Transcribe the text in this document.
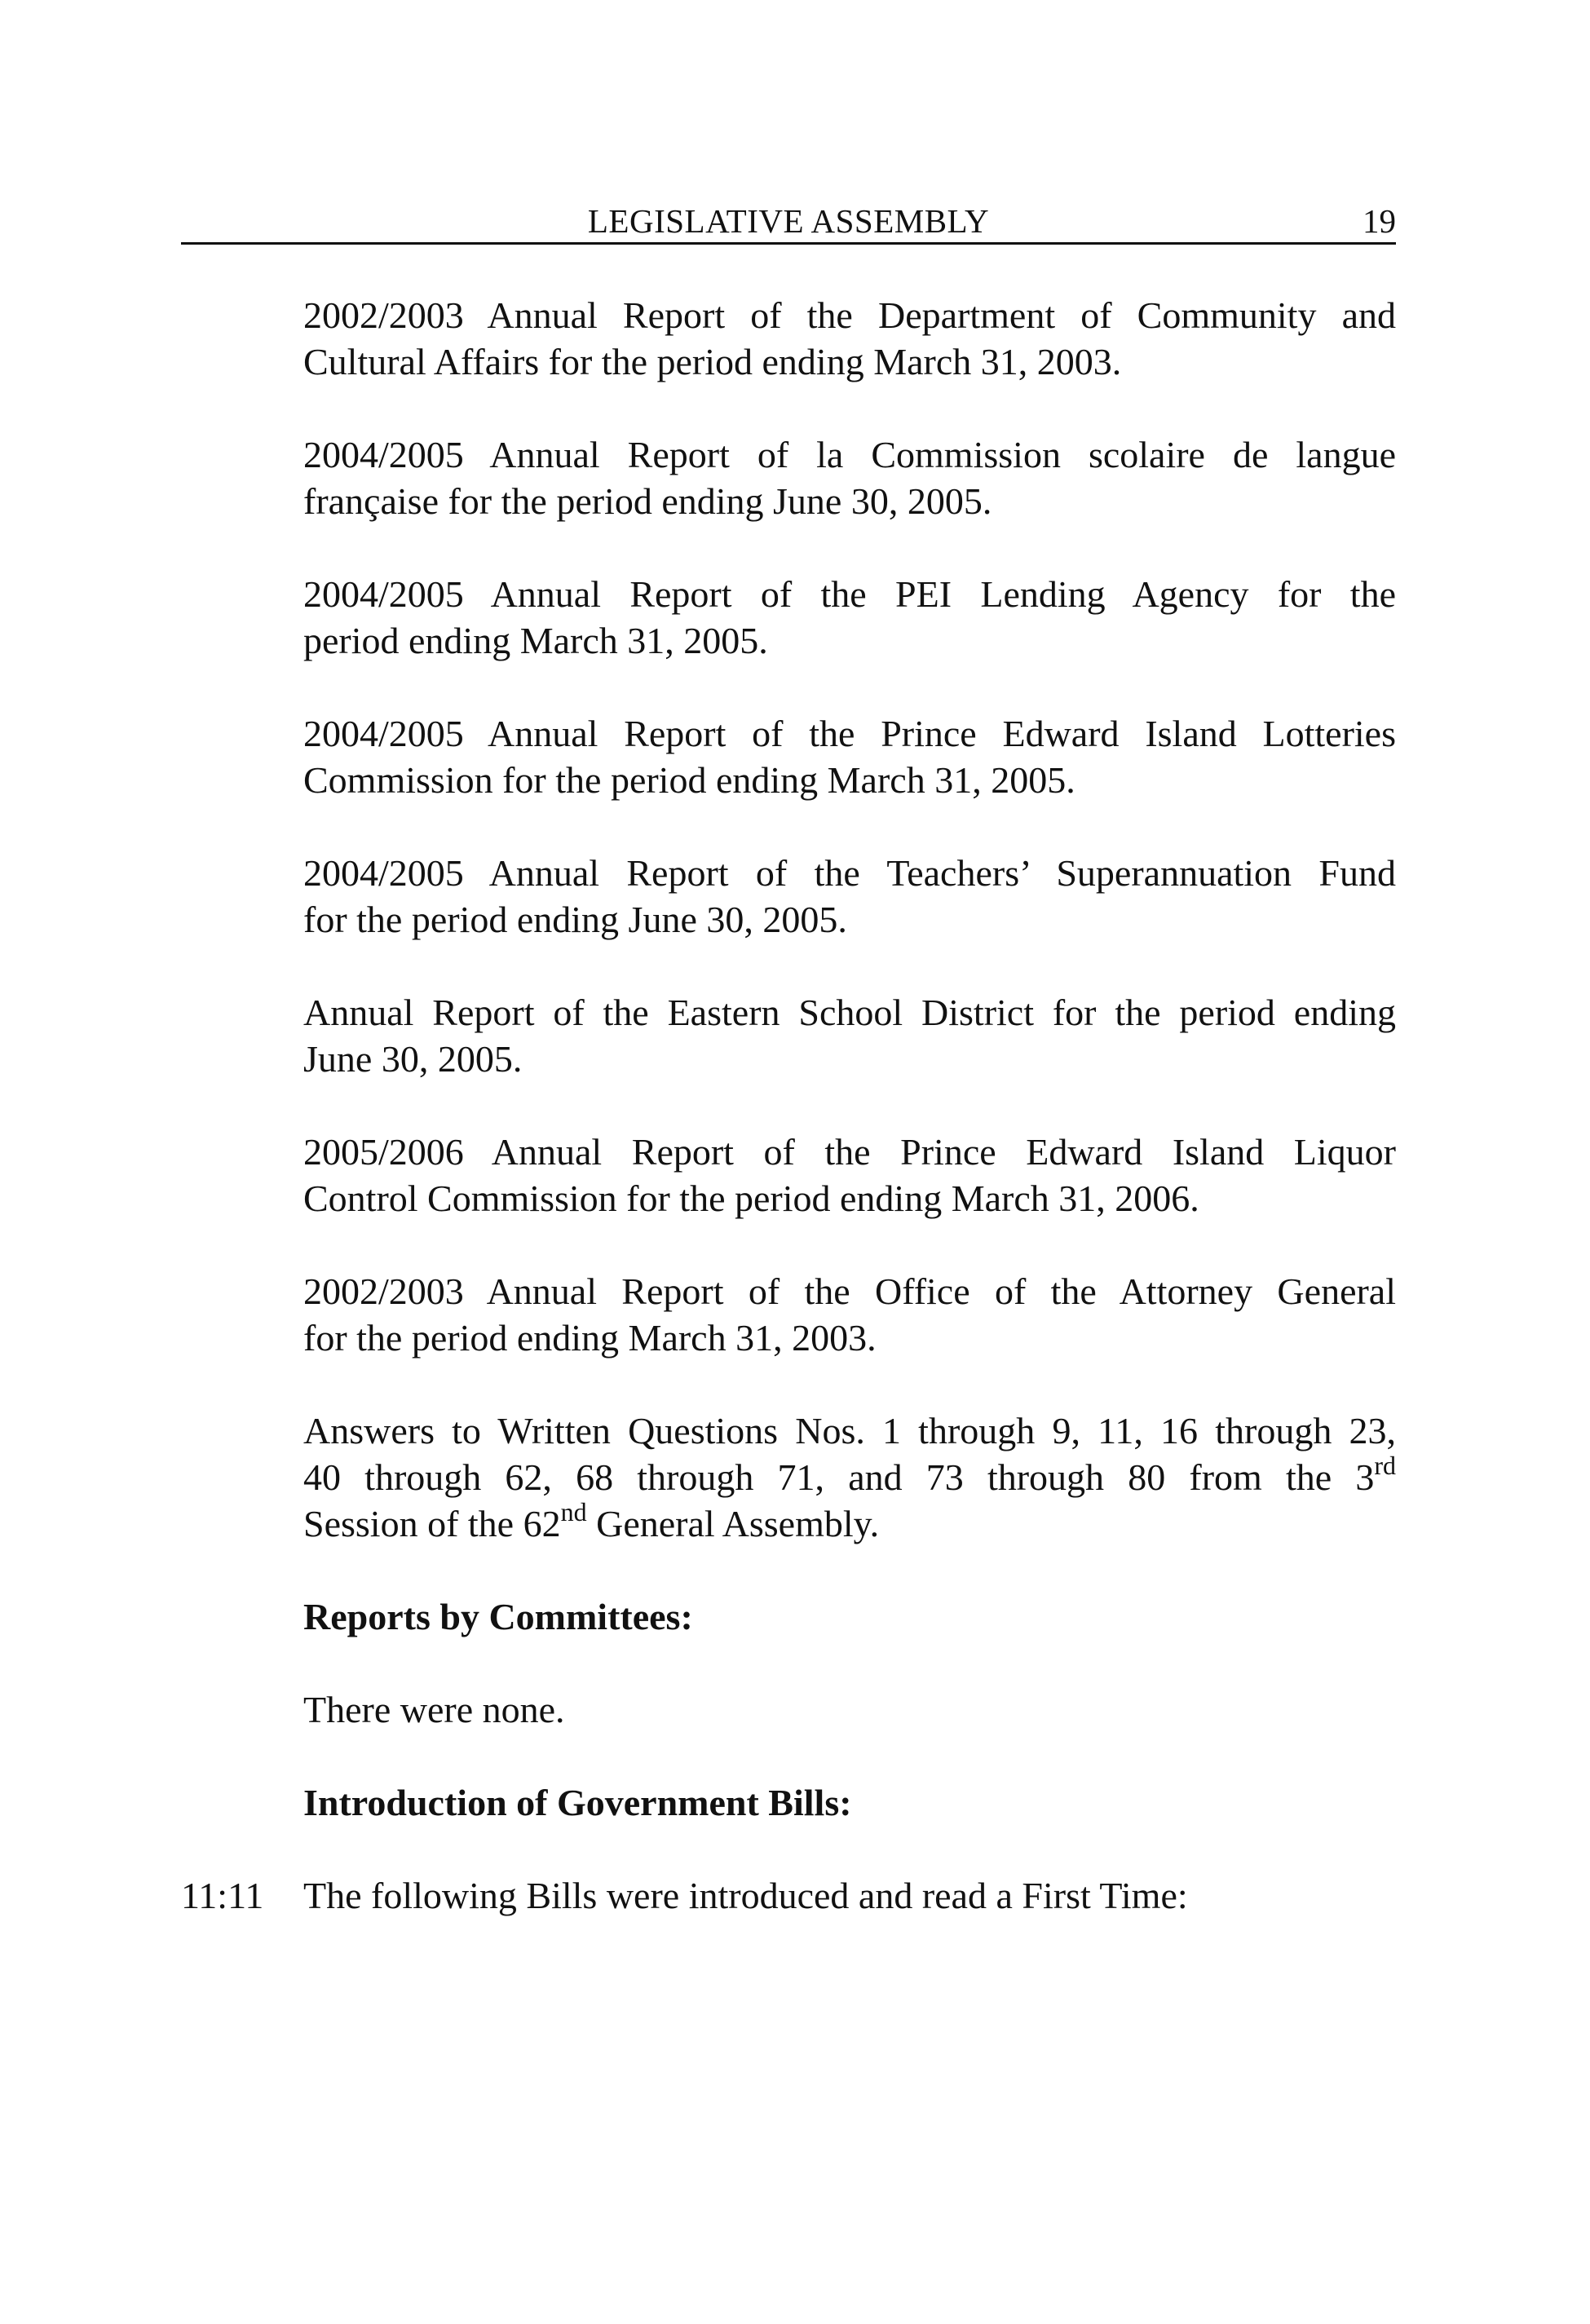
LEGISLATIVE ASSEMBLY	19
2002/2003 Annual Report of the Department of Community and
Cultural Affairs for the period ending March 31, 2003.
2004/2005 Annual Report of la Commission scolaire de langue
française for the period ending June 30, 2005.
2004/2005 Annual Report of the PEI Lending Agency for the
period ending March 31, 2005.
2004/2005 Annual Report of the Prince Edward Island Lotteries
Commission for the period ending March 31, 2005.
2004/2005 Annual Report of the Teachers’ Superannuation Fund
for the period ending June 30, 2005.
Annual Report of the Eastern School District for the period ending
June 30, 2005.
2005/2006 Annual Report of the Prince Edward Island Liquor
Control Commission for the period ending March 31, 2006.
2002/2003 Annual Report of the Office of the Attorney General
for the period ending March 31, 2003.
Answers to Written Questions Nos. 1 through 9, 11, 16 through 23,
40 through 62, 68 through 71, and 73 through 80 from the 3rd
Session of the 62nd General Assembly.
Reports by Committees:
There were none.
Introduction of Government Bills:
11:11 The following Bills were introduced and read a First Time:
